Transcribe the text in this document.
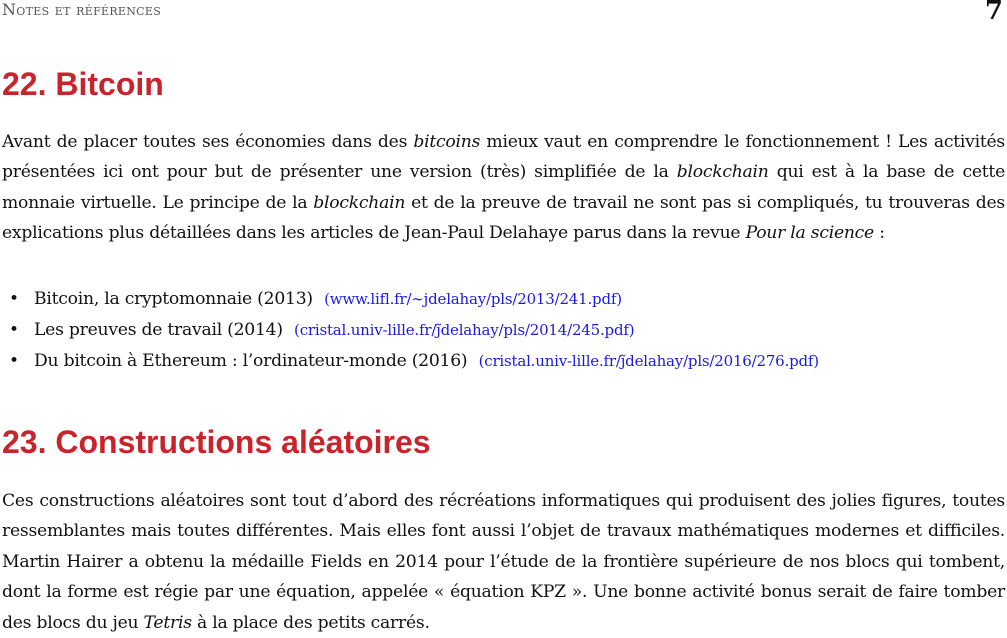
Notes et références	7
22. Bitcoin

Avant de placer toutes ses économies dans des bitcoins mieux vaut en comprendre le fonctionnement ! Les activités présentées ici ont pour but de présenter une version (très) simplifiée de la blockchain qui est à la base de cette monnaie virtuelle. Le principe de la blockchain et de la preuve de travail ne sont pas si compliqués, tu trouveras des explications plus détaillées dans les articles de Jean-Paul Delahaye parus dans la revue Pour la science :

• Bitcoin, la cryptomonnaie (2013) (www.lifl.fr/∼jdelahay/pls/2013/241.pdf)
• Les preuves de travail (2014) (cristal.univ-lille.fr/j̃delahay/pls/2014/245.pdf)
• Du bitcoin à Ethereum : l’ordinateur-monde (2016) (cristal.univ-lille.fr/j̃delahay/pls/2016/276.pdf)
23. Constructions aléatoires

Ces constructions aléatoires sont tout d’abord des récréations informatiques qui produisent des jolies figures, toutes ressemblantes mais toutes différentes. Mais elles font aussi l’objet de travaux mathématiques modernes et difficiles. Martin Hairer a obtenu la médaille Fields en 2014 pour l’étude de la frontière supérieure de nos blocs qui tombent, dont la forme est régie par une équation, appelée « équation KPZ ». Une bonne activité bonus serait de faire tomber des blocs du jeu Tetris à la place des petits carrés.
